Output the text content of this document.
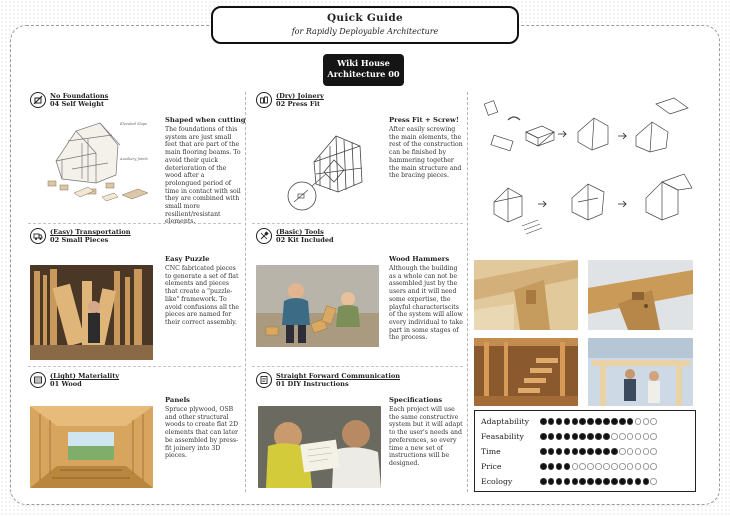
Quick Guide
for Rapidly Deployable Architecture
Wiki House
Architecture 00
No Foundations
04 Self Weight
Elevated Slope
Auxiliary Joints
Shaped when cutting
The foundations of this system are just small feet that are part of the main flooring beams. To avoid their quick deterioration of the wood after a prolongued period of time in contact with soil they are combined with small more resilient/resistant elements.
(Easy) Transportation
02 Small Pieces
Easy Puzzle
CNC fabricated pieces to generate a set of flat elements and pieces that create a "puzzle-like" framework. To avoid confusions all the pieces are named for their correct assembly.
(Light) Materiality
01 Wood
Panels
Spruce plywood, OSB and other structural woods to create flat 2D elements that can later be assembled by press-fit joinery into 3D pieces.
(Dry) Joinery
02 Press Fit
Press Fit + Screw!
After easily screwing the main elements, the rest of the construction can be finished by hammering together the main structure and the bracing pieces.
(Basic) Tools
02 Kit Included
Wood Hammers
Although the building as a whole can not be assembled just by the users and it will need some expertise, the playful characteriscits of the system will allow every individual to take part in some stages of the process.
Straight Forward Communication
01 DIY Instructions
Specifications
Each project will use the same constructive system but it will adapt to the user's needs and preferences, so every time a new set of instructions will be designed.
Adaptability
Feasability
Time
Price
Ecology
